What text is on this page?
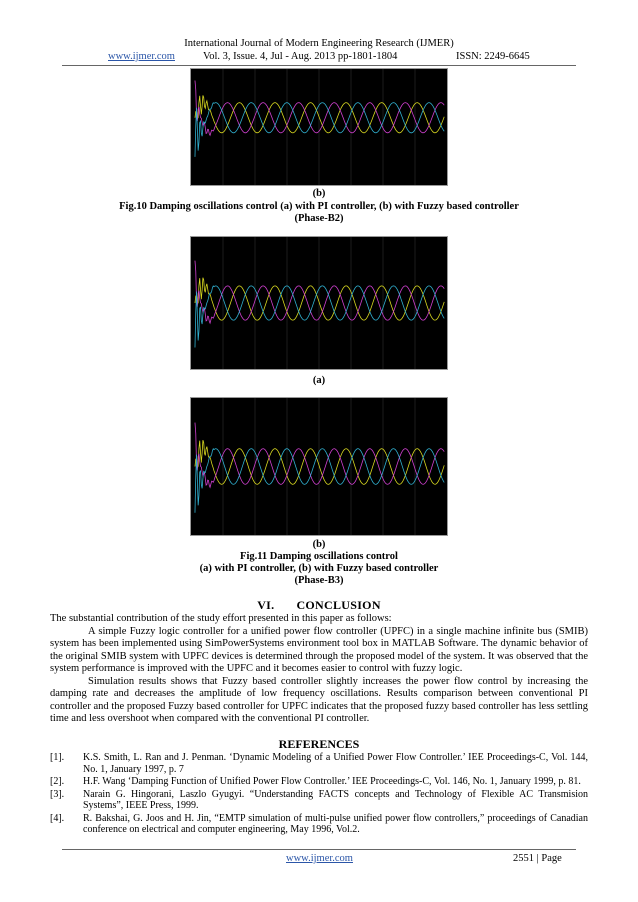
International Journal of Modern Engineering Research (IJMER)
www.ijmer.com	Vol. 3, Issue. 4, Jul - Aug. 2013 pp-1801-1804	ISSN: 2249-6645
(b)
Fig.10 Damping oscillations control (a) with PI controller, (b) with Fuzzy based controller
(Phase-B2)
(a)
(b)
Fig.11 Damping oscillations control
(a) with PI controller, (b) with Fuzzy based controller
(Phase-B3)
VI. CONCLUSION

The substantial contribution of the study effort presented in this paper as follows:

A simple Fuzzy logic controller for a unified power flow controller (UPFC) in a single machine infinite bus (SMIB) system has been implemented using SimPowerSystems environment tool box in MATLAB Software. The dynamic behavior of the original SMIB system with UPFC devices is determined through the proposed model of the system. It was observed that the system performance is improved with the UPFC and it becomes easier to control with fuzzy logic.

Simulation results shows that Fuzzy based controller slightly increases the power flow control by increasing the damping rate and decreases the amplitude of low frequency oscillations. Results comparison between conventional PI controller and the proposed Fuzzy based controller for UPFC indicates that the proposed fuzzy based controller has less settling time and less overshoot when compared with the conventional PI controller.

REFERENCES
[1]. K.S. Smith, L. Ran and J. Penman. ‘Dynamic Modeling of a Unified Power Flow Controller.’ IEE Proceedings-C, Vol. 144, No. 1, January 1997, p. 7
[2]. H.F. Wang ‘Damping Function of Unified Power Flow Controller.’ IEE Proceedings-C, Vol. 146, No. 1, January 1999, p. 81.
[3]. Narain G. Hingorani, Laszlo Gyugyi. “Understanding FACTS concepts and Technology of Flexible AC Transmision Systems”, IEEE Press, 1999.
[4]. R. Bakshai, G. Joos and H. Jin, “EMTP simulation of multi-pulse unified power flow controllers,” proceedings of Canadian conference on electrical and computer engineering, May 1996, Vol.2.
www.ijmer.com	2551 | Page
